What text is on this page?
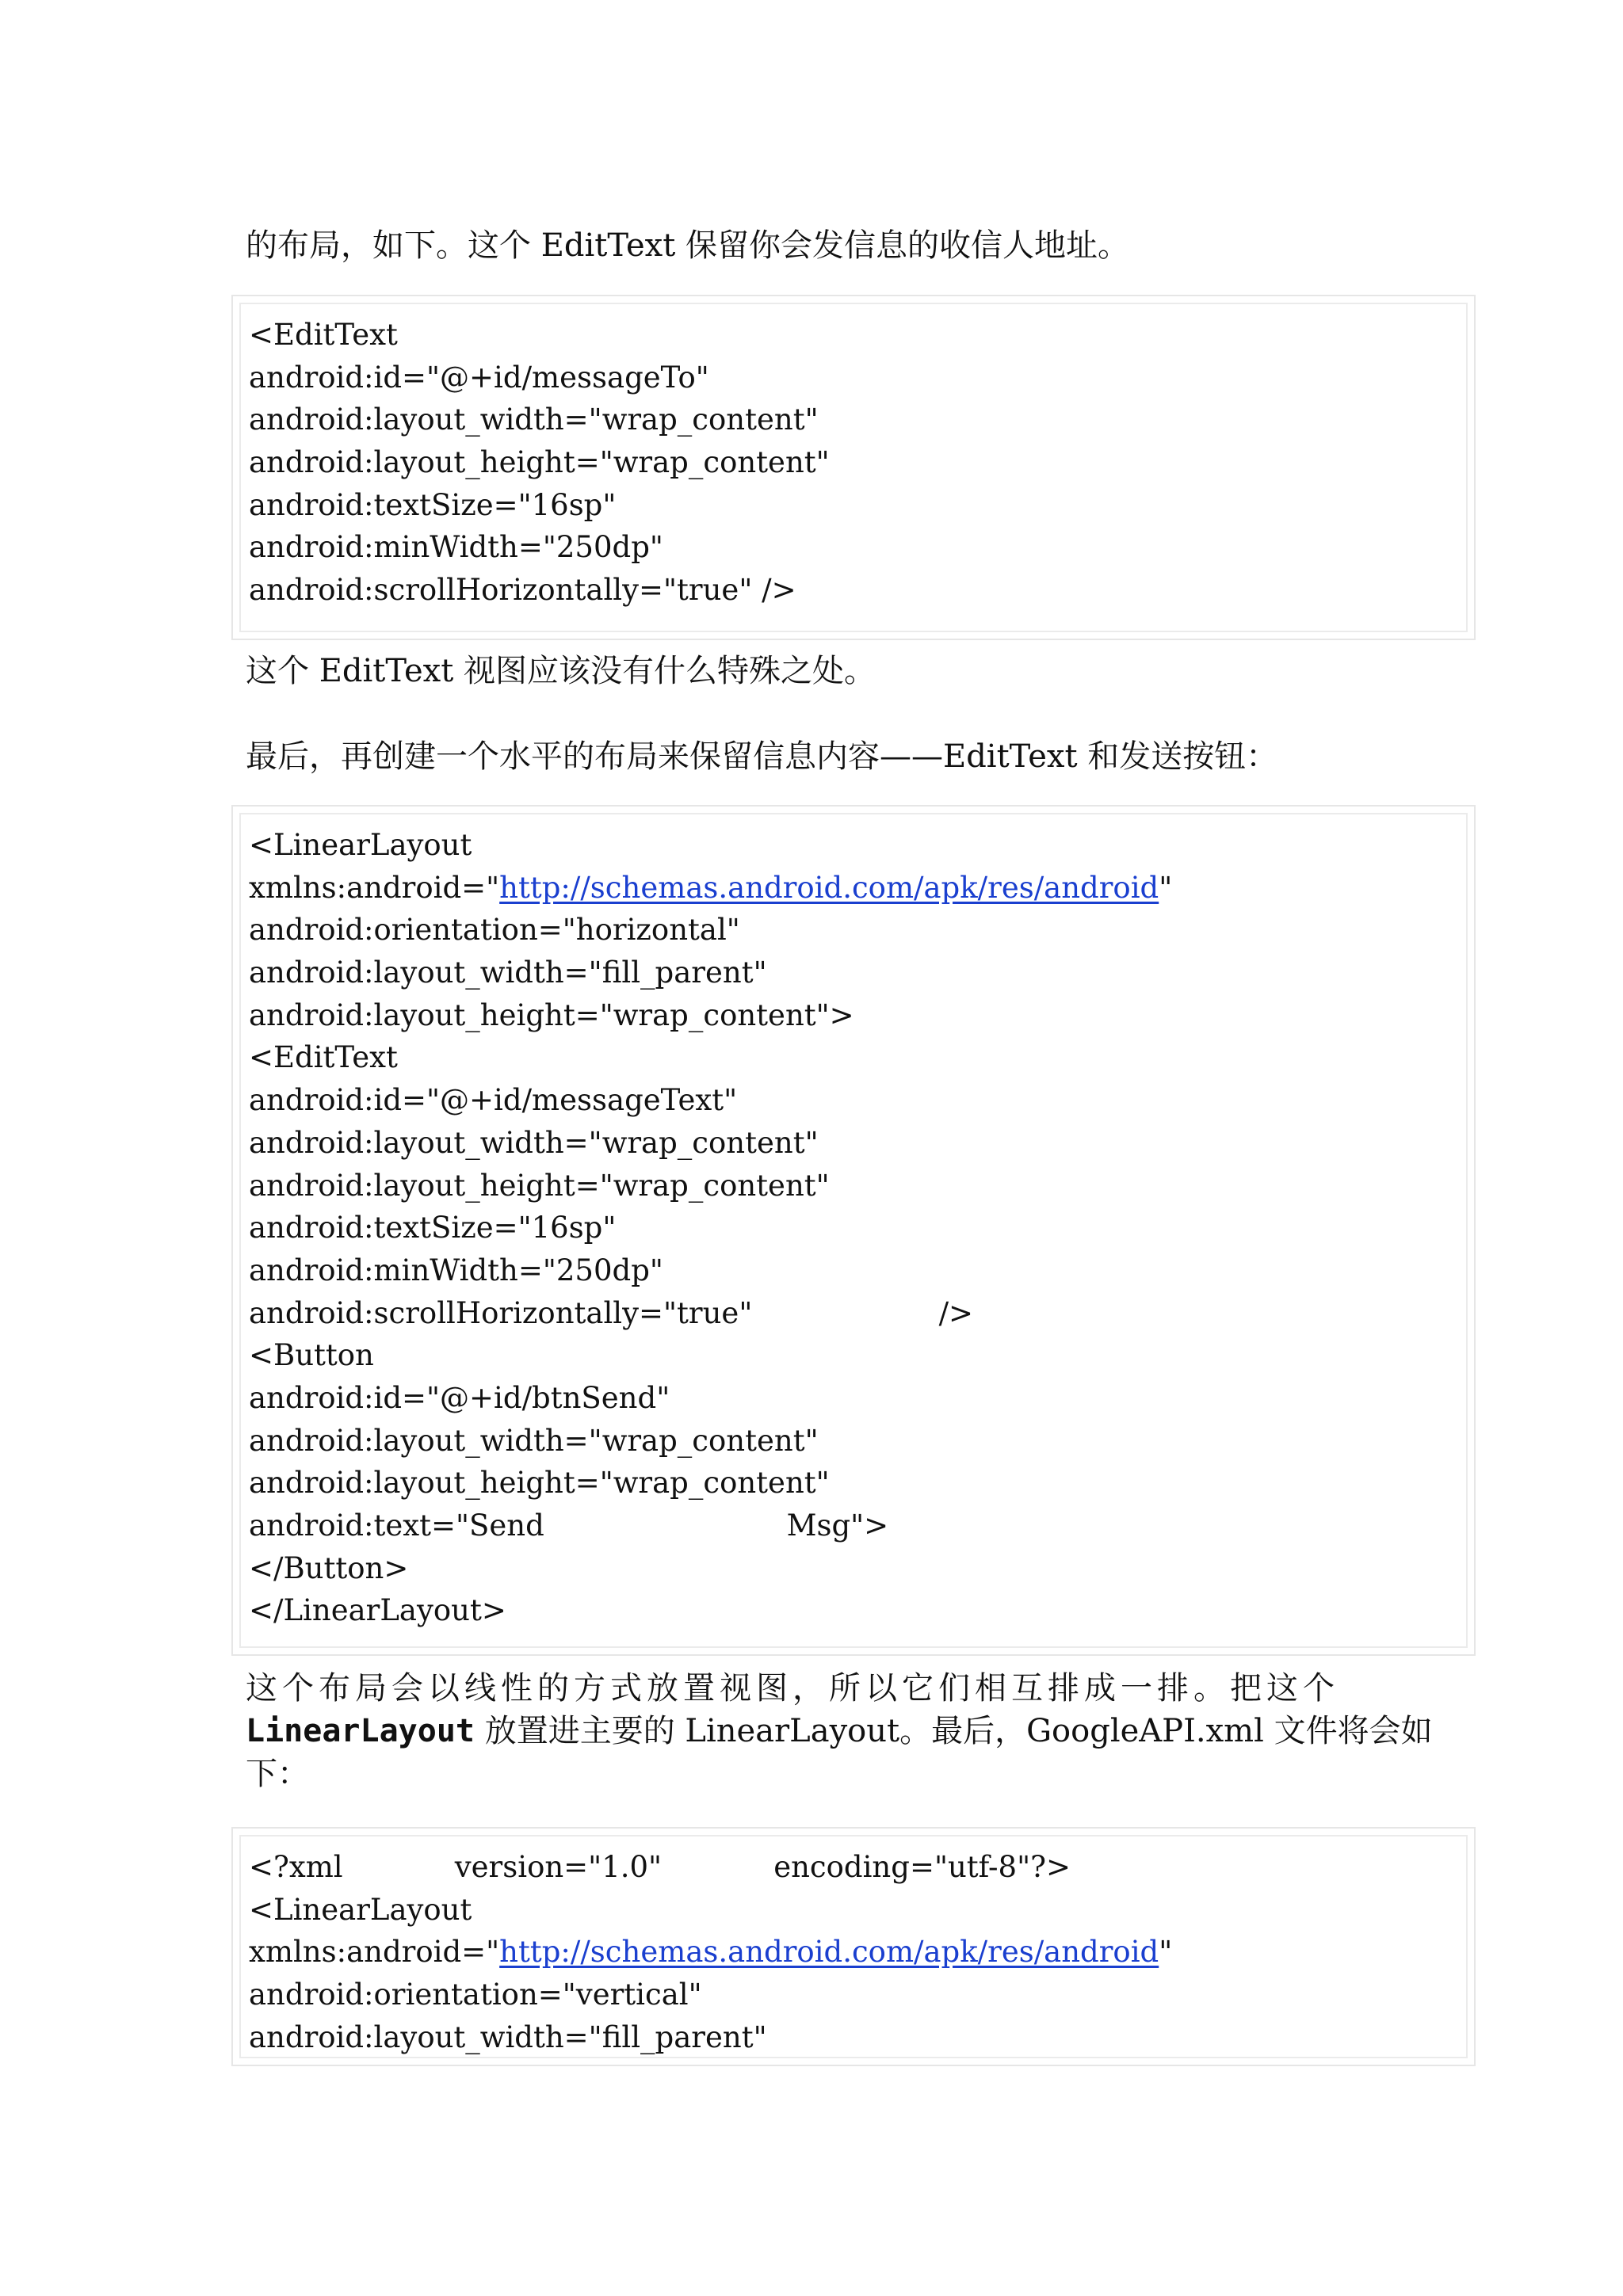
的布局，如下。这个 EditText 保留你会发信息的收信人地址。

<EditText
android:id="@+id/messageTo"
android:layout_width="wrap_content"
android:layout_height="wrap_content"
android:textSize="16sp"
android:minWidth="250dp"
android:scrollHorizontally="true" />

这个 EditText 视图应该没有什么特殊之处。

最后，再创建一个水平的布局来保留信息内容——EditText 和发送按钮：

<LinearLayout
xmlns:android="http://schemas.android.com/apk/res/android"
android:orientation="horizontal"
android:layout_width="fill_parent"
android:layout_height="wrap_content">
<EditText
android:id="@+id/messageText"
android:layout_width="wrap_content"
android:layout_height="wrap_content"
android:textSize="16sp"
android:minWidth="250dp"
android:scrollHorizontally="true"                    />
<Button
android:id="@+id/btnSend"
android:layout_width="wrap_content"
android:layout_height="wrap_content"
android:text="Send                          Msg">
</Button>
</LinearLayout>

这个布局会以线性的方式放置视图，所以它们相互排成一排。把这个

LinearLayout 放置进主要的 LinearLayout。最后，GoogleAPI.xml 文件将会如

下：

<?xml            version="1.0"            encoding="utf-8"?>
<LinearLayout
xmlns:android="http://schemas.android.com/apk/res/android"
android:orientation="vertical"
android:layout_width="fill_parent"
